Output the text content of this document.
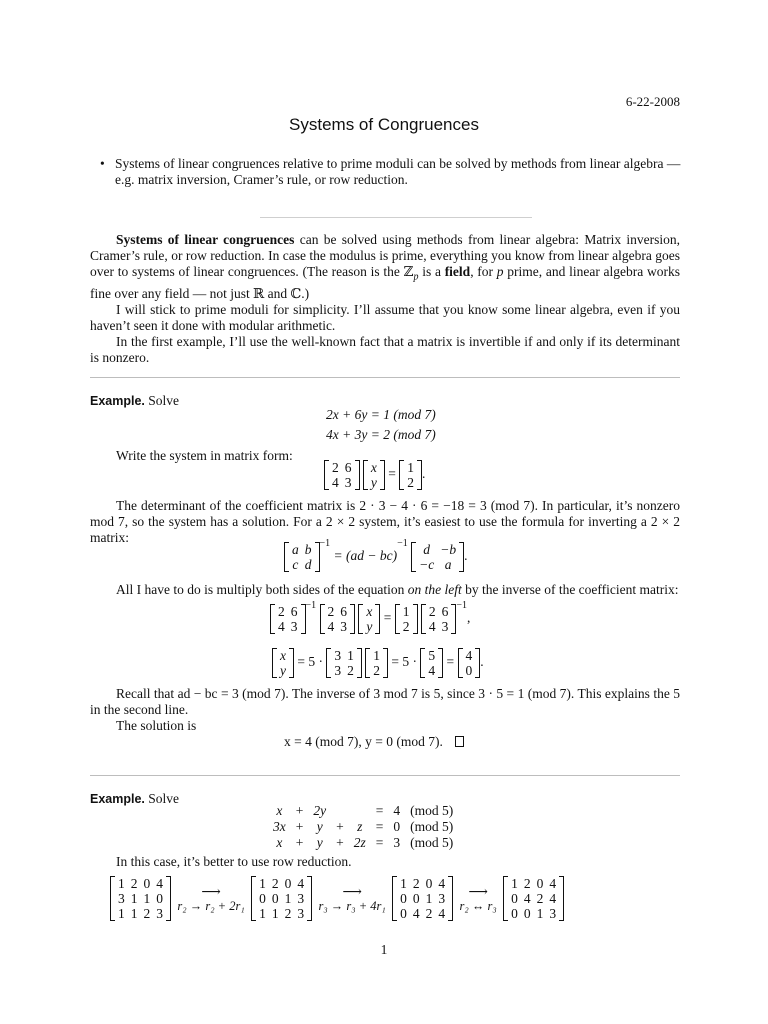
6-22-2008
Systems of Congruences
• Systems of linear congruences relative to prime moduli can be solved by methods from linear algebra — e.g. matrix inversion, Cramer’s rule, or row reduction.
Systems of linear congruences can be solved using methods from linear algebra: Matrix inversion, Cramer’s rule, or row reduction. In case the modulus is prime, everything you know from linear algebra goes over to systems of linear congruences. (The reason is the ℤ$_p$ is a field, for p prime, and linear algebra works fine over any field — not just ℝ and ℂ.)
I will stick to prime moduli for simplicity. I’ll assume that you know some linear algebra, even if you haven’t seen it done with modular arithmetic.
In the first example, I’ll use the well-known fact that a matrix is invertible if and only if its determinant is nonzero.
Example. Solve
2x + 6y = 1 (mod 7)
4x + 3y = 2 (mod 7)
Write the system in matrix form:
2	6
4	3

x
y
= 1
2
.
The determinant of the coefficient matrix is 2 · 3 − 4 · 6 = −18 = 3 (mod 7). In particular, it’s nonzero mod 7, so the system has a solution. For a 2 × 2 system, it’s easiest to use the formula for inverting a 2 × 2 matrix:
a	b
c	d
$^{-1}$ = (ad − bc)$^{-1}$ d	−b
−c	a
.
All I have to do is multiply both sides of the equation on the left by the inverse of the coefficient matrix:
2	6
4	3
$^{-1}$ 2	6
4	3

x
y
= 1
2

2	6
4	3
$^{-1}$,
x
y
= 5 · 3	1
3	2

1
2
= 5 · 5
4
= 4
0
.
Recall that ad − bc = 3 (mod 7). The inverse of 3 mod 7 is 5, since 3 · 5 = 1 (mod 7). This explains the 5 in the second line.
The solution is
x = 4 (mod 7), y = 0 (mod 7).
Example. Solve
x	+	2y			=	4	(mod 5)
3x	+	y	+	z	=	0	(mod 5)
x	+	y	+	2z	=	3	(mod 5)
In this case, it’s better to use row reduction.
1	2	0	4
3	1	1	0
1	1	2	3

⟶
r₂ → r₂ + 2r₁

1	2	0	4
0	0	1	3
1	1	2	3

⟶
r₃ → r₃ + 4r₁

1	2	0	4
0	0	1	3
0	4	2	4

⟶
r₂ ↔ r₃

1	2	0	4
0	4	2	4
0	0	1	3
1
